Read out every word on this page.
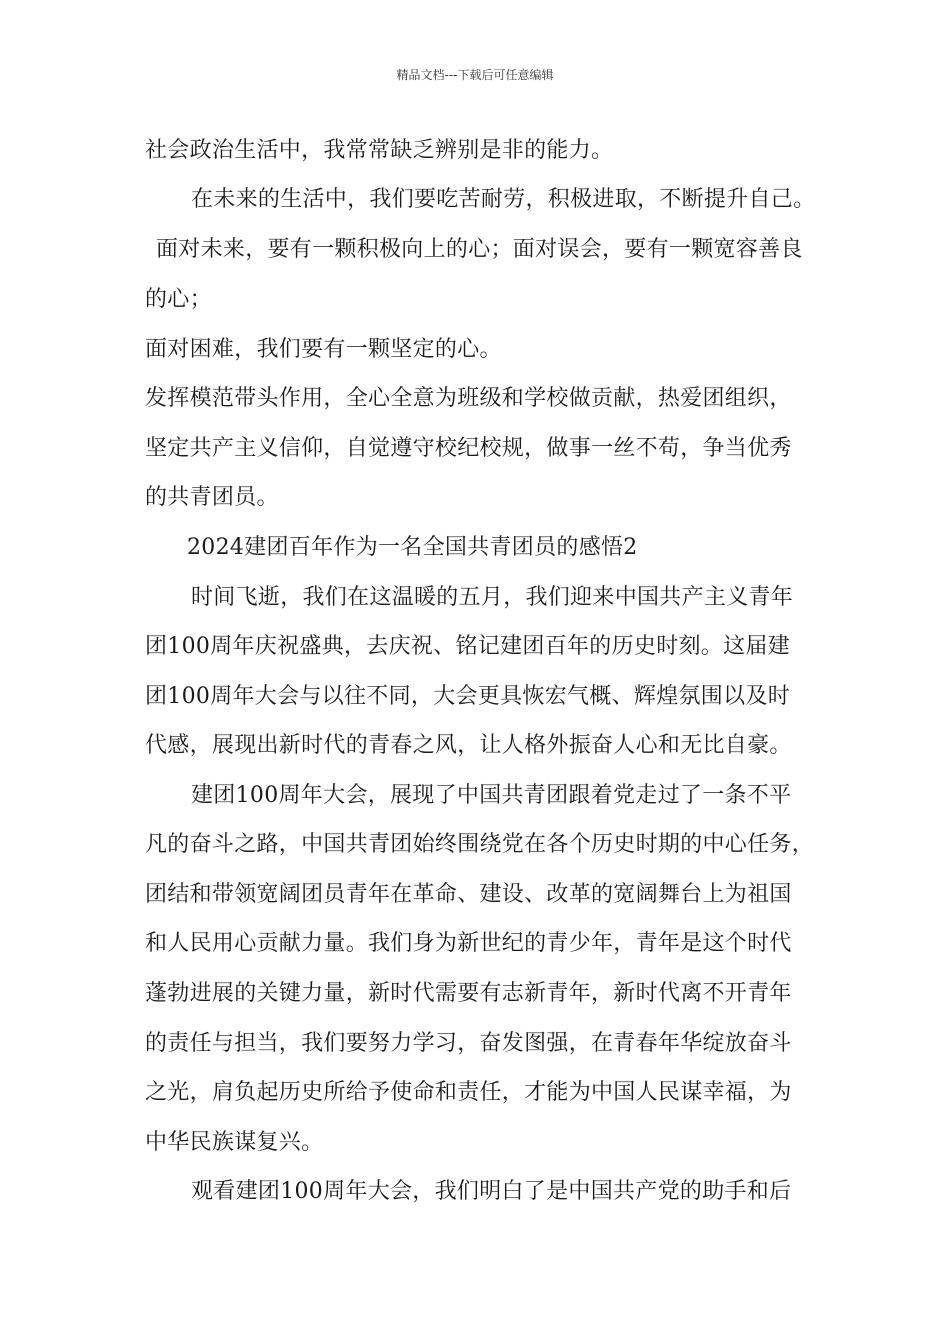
精品文档---下载后可任意编辑
社会政治生活中，我常常缺乏辨别是非的能力。
在未来的生活中，我们要吃苦耐劳，积极进取，不断提升自己。
面对未来，要有一颗积极向上的心；面对误会，要有一颗宽容善良
的心；
面对困难，我们要有一颗坚定的心。
发挥模范带头作用，全心全意为班级和学校做贡献，热爱团组织，
坚定共产主义信仰，自觉遵守校纪校规，做事一丝不苟，争当优秀
的共青团员。
2024建团百年作为一名全国共青团员的感悟2
时间飞逝，我们在这温暖的五月，我们迎来中国共产主义青年
团100周年庆祝盛典，去庆祝、铭记建团百年的历史时刻。这届建
团100周年大会与以往不同，大会更具恢宏气概、辉煌氛围以及时
代感，展现出新时代的青春之风，让人格外振奋人心和无比自豪。
建团100周年大会，展现了中国共青团跟着党走过了一条不平
凡的奋斗之路，中国共青团始终围绕党在各个历史时期的中心任务，
团结和带领宽阔团员青年在革命、建设、改革的宽阔舞台上为祖国
和人民用心贡献力量。我们身为新世纪的青少年，青年是这个时代
蓬勃进展的关键力量，新时代需要有志新青年，新时代离不开青年
的责任与担当，我们要努力学习，奋发图强，在青春年华绽放奋斗
之光，肩负起历史所给予使命和责任，才能为中国人民谋幸福，为
中华民族谋复兴。
观看建团100周年大会，我们明白了是中国共产党的助手和后
